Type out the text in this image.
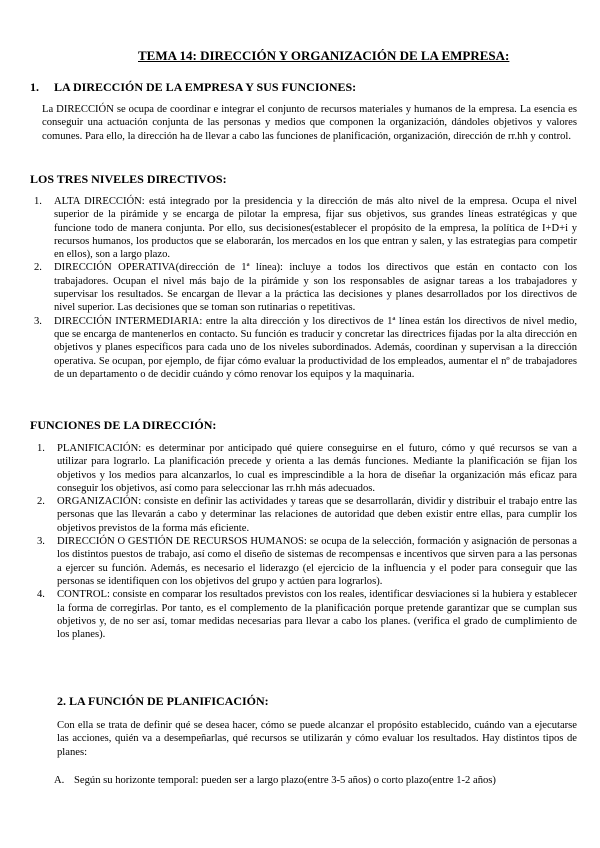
TEMA 14: DIRECCIÓN Y ORGANIZACIÓN DE LA EMPRESA:
1. LA DIRECCIÓN DE LA EMPRESA Y SUS FUNCIONES:

La DIRECCIÓN se ocupa de coordinar e integrar el conjunto de recursos materiales y humanos de la empresa. La esencia es conseguir una actuación conjunta de las personas y medios que componen la organización, dándoles objetivos y valores comunes. Para ello, la dirección ha de llevar a cabo las funciones de planificación, organización, dirección de rr.hh y control.

LOS TRES NIVELES DIRECTIVOS:
1. ALTA DIRECCIÓN: está integrado por la presidencia y la dirección de más alto nivel de la empresa. Ocupa el nivel superior de la pirámide y se encarga de pilotar la empresa, fijar sus objetivos, sus grandes líneas estratégicas y que funcione todo de manera conjunta. Por ello, sus decisiones(establecer el propósito de la empresa, la política de I+D+i y recursos humanos, los productos que se elaborarán, los mercados en los que entran y salen, y las estrategias para competir en ellos), son a largo plazo.
2. DIRECCIÓN OPERATIVA(dirección de 1ª línea): incluye a todos los directivos que están en contacto con los trabajadores. Ocupan el nivel más bajo de la pirámide y son los responsables de asignar tareas a los trabajadores y supervisar los resultados. Se encargan de llevar a la práctica las decisiones y planes desarrollados por los directivos de nivel superior. Las decisiones que se toman son rutinarias o repetitivas.
3. DIRECCIÓN INTERMEDIARIA: entre la alta dirección y los directivos de 1ª línea están los directivos de nivel medio, que se encarga de mantenerlos en contacto. Su función es traducir y concretar las directrices fijadas por la alta dirección en objetivos y planes específicos para cada uno de los niveles subordinados. Además, coordinan y supervisan a la dirección operativa. Se ocupan, por ejemplo, de fijar cómo evaluar la productividad de los empleados, aumentar el nº de trabajadores de un departamento o de decidir cuándo y cómo renovar los equipos y la maquinaria.
FUNCIONES DE LA DIRECCIÓN:
1. PLANIFICACIÓN: es determinar por anticipado qué quiere conseguirse en el futuro, cómo y qué recursos se van a utilizar para lograrlo. La planificación precede y orienta a las demás funciones. Mediante la planificación se fijan los objetivos y los medios para alcanzarlos, lo cual es imprescindible a la hora de diseñar la organización más eficaz para conseguir los objetivos, así como para seleccionar las rr.hh más adecuados.
2. ORGANIZACIÓN: consiste en definir las actividades y tareas que se desarrollarán, dividir y distribuir el trabajo entre las personas que las llevarán a cabo y determinar las relaciones de autoridad que deben existir entre ellas, para cumplir los objetivos previstos de la forma más eficiente.
3. DIRECCIÓN O GESTIÓN DE RECURSOS HUMANOS: se ocupa de la selección, formación y asignación de personas a los distintos puestos de trabajo, así como el diseño de sistemas de recompensas e incentivos que sirven para a las personas a ejercer su función. Además, es necesario el liderazgo (el ejercicio de la influencia y el poder para conseguir que las personas se identifiquen con los objetivos del grupo y actúen para lograrlos).
4. CONTROL: consiste en comparar los resultados previstos con los reales, identificar desviaciones si la hubiera y establecer la forma de corregirlas. Por tanto, es el complemento de la planificación porque pretende garantizar que se cumplan sus objetivos y, de no ser así, tomar medidas necesarias para llevar a cabo los planes. (verifica el grado de cumplimiento de los planes).
2. LA FUNCIÓN DE PLANIFICACIÓN:

Con ella se trata de definir qué se desea hacer, cómo se puede alcanzar el propósito establecido, cuándo van a ejecutarse las acciones, quién va a desempeñarlas, qué recursos se utilizarán y cómo evaluar los resultados. Hay distintos tipos de planes:

A. Según su horizonte temporal: pueden ser a largo plazo(entre 3-5 años) o corto plazo(entre 1-2 años)
